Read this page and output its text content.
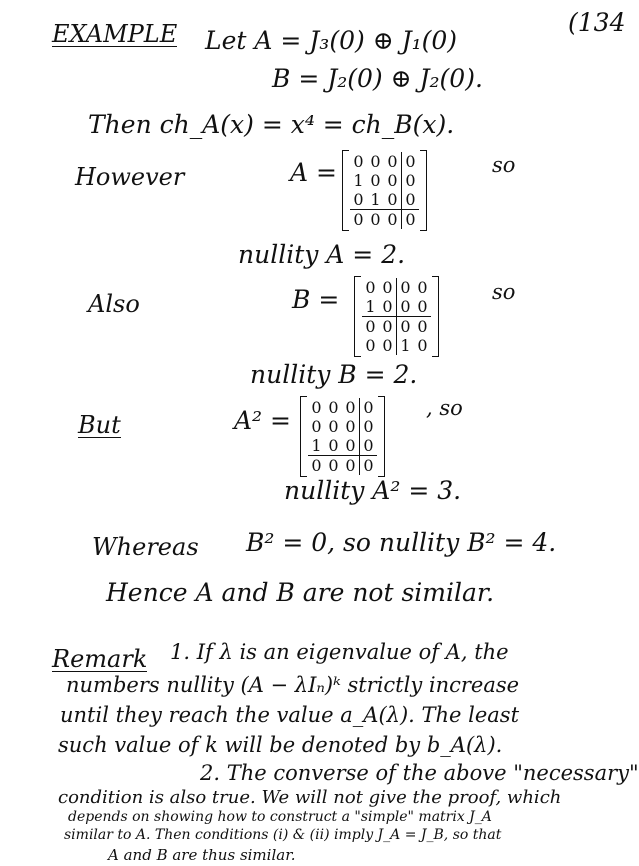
(134
EXAMPLE Let A = J₃(0) ⊕ J₁(0)
B = J₂(0) ⊕ J₂(0).
Then ch_A(x) = x⁴ = ch_B(x).
However	A = 0	0	0	0
1	0	0	0
0	1	0	0
0	0	0	0
so
nullity A = 2.
Also	B = 0	0	0	0
1	0	0	0
0	0	0	0
0	0	1	0
so
nullity B = 2.
But	A² = 0	0	0	0
0	0	0	0
1	0	0	0
0	0	0	0
, so
nullity A² = 3.
Whereas B² = 0, so nullity B² = 4.
Hence A and B are not similar.
Remark 1. If λ is an eigenvalue of A, the
numbers nullity (A − λIₙ)ᵏ strictly increase
until they reach the value a_A(λ). The least
such value of k will be denoted by b_A(λ).
2. The converse of the above "necessary"
condition is also true. We will not give the proof, which
depends on showing how to construct a "simple" matrix J_A
similar to A. Then conditions (i) & (ii) imply J_A = J_B, so that
A and B are thus similar.
